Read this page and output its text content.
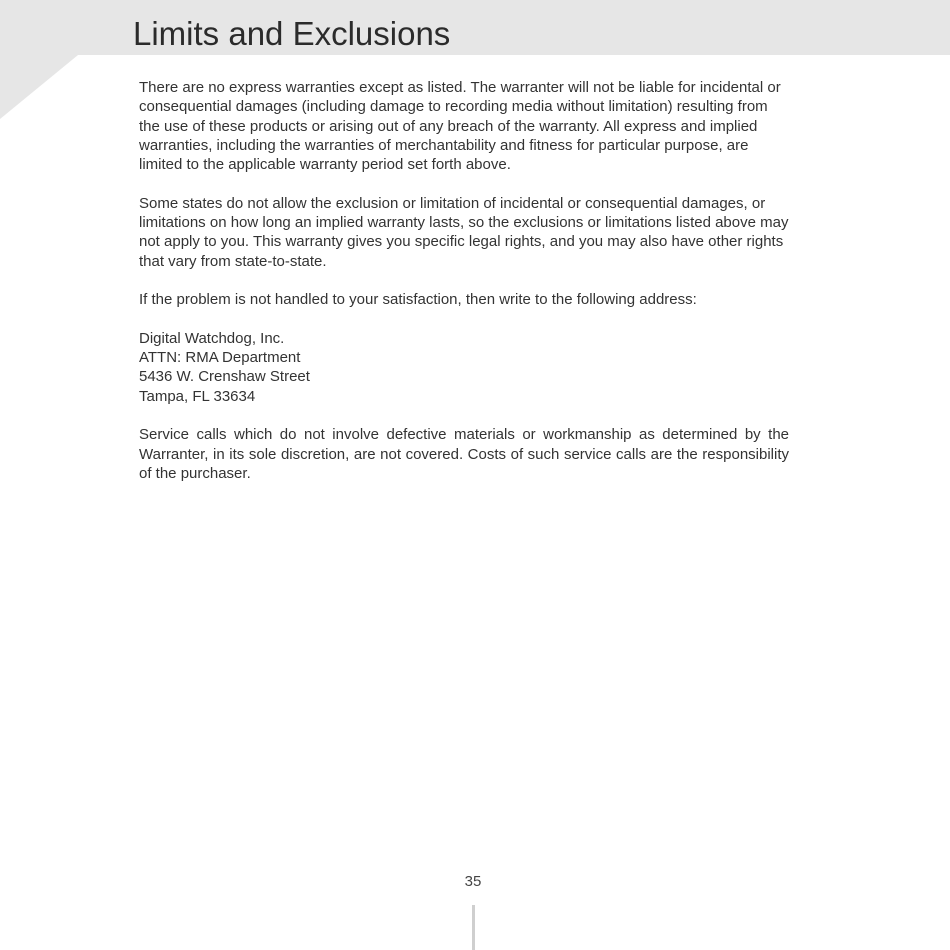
Limits and Exclusions

There are no express warranties except as listed. The warranter will not be liable for incidental or consequential damages (including damage to recording media without limitation) resulting from the use of these products or arising out of any breach of the warranty. All express and implied warranties, including the warranties of merchantability and fitness for particular purpose, are limited to the applicable warranty period set forth above.

Some states do not allow the exclusion or limitation of incidental or consequential damages, or limitations on how long an implied warranty lasts, so the exclusions or limitations listed above may not apply to you. This warranty gives you specific legal rights, and you may also have other rights that vary from state-to-state.

If the problem is not handled to your satisfaction, then write to the following address:

Digital Watchdog, Inc.
ATTN: RMA Department
5436 W. Crenshaw Street
Tampa, FL 33634

Service calls which do not involve defective materials or workmanship as determined by the Warranter, in its sole discretion, are not covered. Costs of such service calls are the responsibility of the purchaser.

35
